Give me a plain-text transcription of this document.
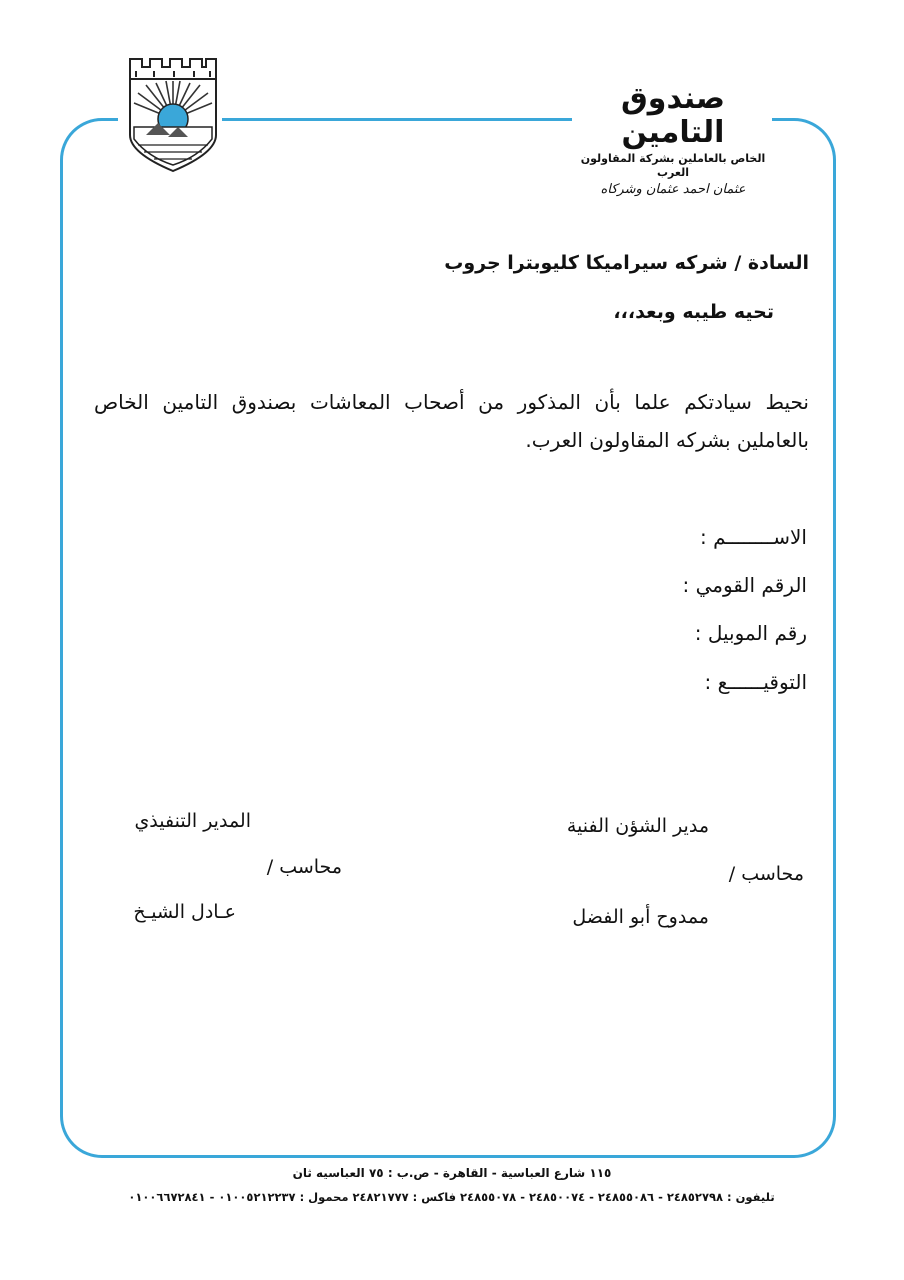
صندوق التامين
الخاص بالعاملين بشركة المقاولون العرب
عثمان احمد عثمان وشركاه
السادة / شركه سيراميكا كليوبترا جروب
تحيه طيبه وبعد،،،
نحيط سيادتكم علما بأن المذكور من أصحاب المعاشات بصندوق التامين الخاص بالعاملين بشركه المقاولون العرب.
الاســــــــم :
الرقم القومي :
رقم الموبيل :
التوقيــــــع :
مدير الشؤن الفنية
محاسب /
ممدوح أبو الفضل
المدير التنفيذي
محاسب /
عـادل الشيـخ
١١٥ شارع العباسية - القاهرة - ص.ب : ٧٥ العباسيه ثان
تليفون : ٢٤٨٥٢٧٩٨ - ٢٤٨٥٥٠٨٦ - ٢٤٨٥٠٠٧٤ - ٢٤٨٥٥٠٧٨ فاكس : ٢٤٨٢١٧٧٧ محمول : ٠١٠٠٥٢١٢٢٣٧ - ٠١٠٠٦٦٧٢٨٤١
